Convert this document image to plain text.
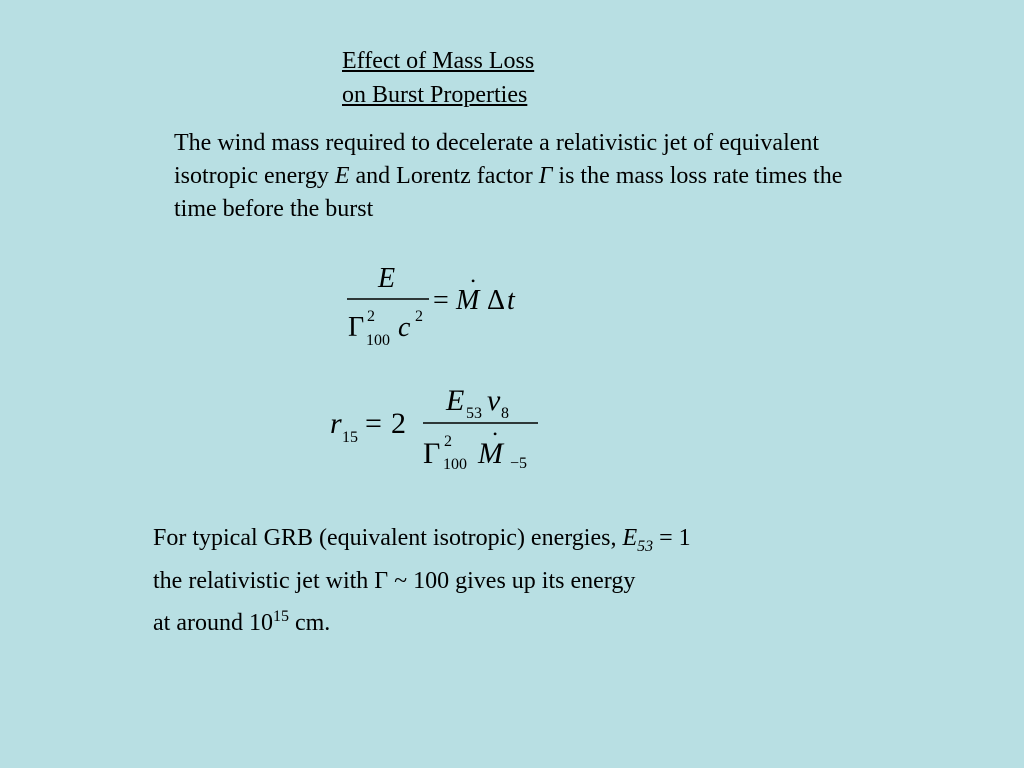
Effect of Mass Loss
on Burst Properties
The wind mass required to decelerate a relativistic jet of equivalent isotropic energy E and Lorentz factor Γ is the mass loss rate times the time before the burst
E
Γ 2
100 c 2
=
•
M Δ t
r 15 = 2
E 53 v 8
Γ 2
100
•
M −5
For typical GRB (equivalent isotropic) energies, $E_{53} = 1$
the relativistic jet with Γ ~ 100 gives up its energy
at around $10^{15}$ cm.
